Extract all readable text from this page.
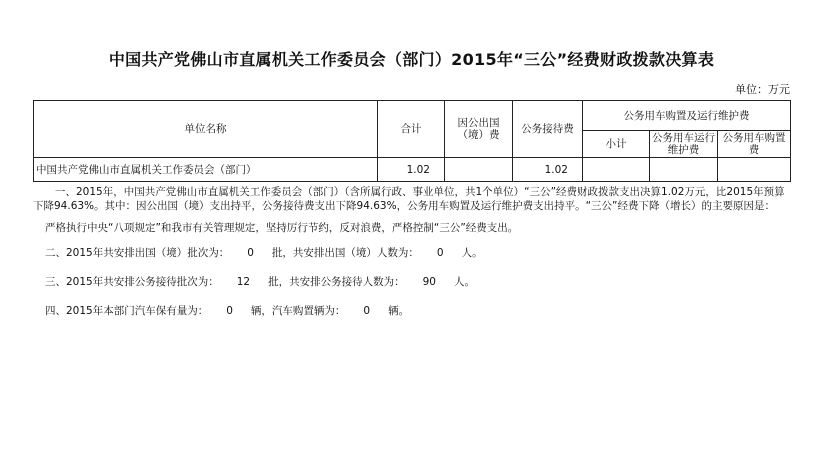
中国共产党佛山市直属机关工作委员会（部门）2015年“三公”经费财政拨款决算表
单位：万元
单位名称	合计	因公出国（境）费	公务接待费	公务用车购置及运行维护费		
				小计	公务用车运行维护费	公务用车购置费
中国共产党佛山市直属机关工作委员会（部门）	1.02		1.02			

一、2015年，中国共产党佛山市直属机关工作委员会（部门）（含所属行政、事业单位，共1个单位）“三公”经费财政拨款支出决算1.02万元，比2015年预算下降94.63%。其中：因公出国（境）支出持平，公务接待费支出下降94.63%，公务用车购置及运行维护费支出持平。“三公”经费下降（增长）的主要原因是：

严格执行中央“八项规定”和我市有关管理规定，坚持厉行节约，反对浪费，严格控制“三公”经费支出。

二、2015年共安排出国（境）批次为： 0 批，共安排出国（境）人数为： 0 人。

三、2015年共安排公务接待批次为： 12 批，共安排公务接待人数为： 90 人。

四、2015年本部门汽车保有量为： 0 辆，汽车购置辆为： 0 辆。
